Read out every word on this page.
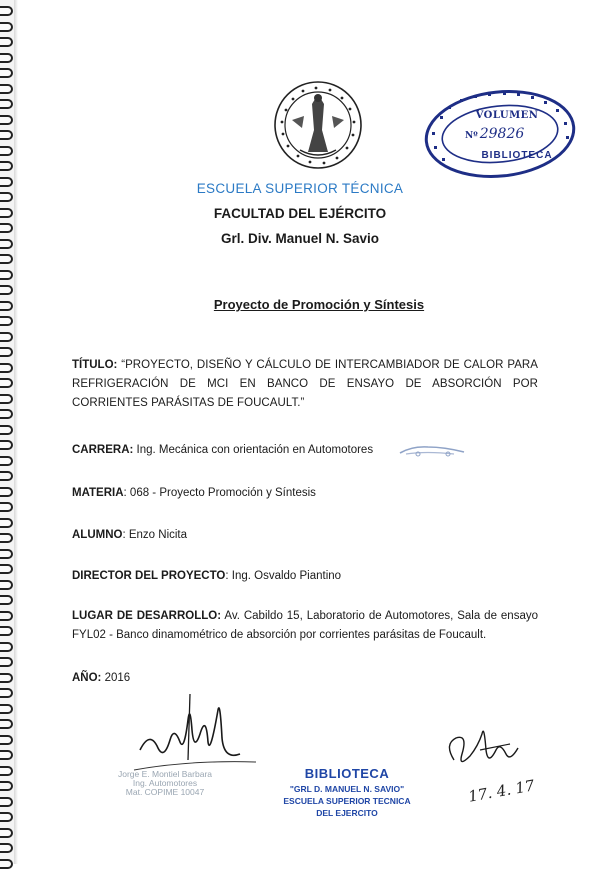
VOLUMEN
Nº 29826
BIBLIOTECA
ESCUELA SUPERIOR TÉCNICA
FACULTAD DEL EJÉRCITO
Grl. Div. Manuel N. Savio
Proyecto de Promoción y Síntesis
TÍTULO: “PROYECTO, DISEÑO Y CÁLCULO DE INTERCAMBIADOR DE CALOR PARA REFRIGERACIÓN DE MCI EN BANCO DE ENSAYO DE ABSORCIÓN POR CORRIENTES PARÁSITAS DE FOUCAULT.”
CARRERA: Ing. Mecánica con orientación en Automotores
MATERIA: 068 - Proyecto Promoción y Síntesis
ALUMNO: Enzo Nicita
DIRECTOR DEL PROYECTO: Ing. Osvaldo Piantino
LUGAR DE DESARROLLO: Av. Cabildo 15, Laboratorio de Automotores, Sala de ensayo FYL02 - Banco dinamométrico de absorción por corrientes parásitas de Foucault.
AÑO: 2016
Jorge E. Montiel Barbara
Ing. Automotores
Mat. COPIME 10047
BIBLIOTECA
"GRL D. MANUEL N. SAVIO"
ESCUELA SUPERIOR TECNICA
DEL EJERCITO
17. 4. 17
